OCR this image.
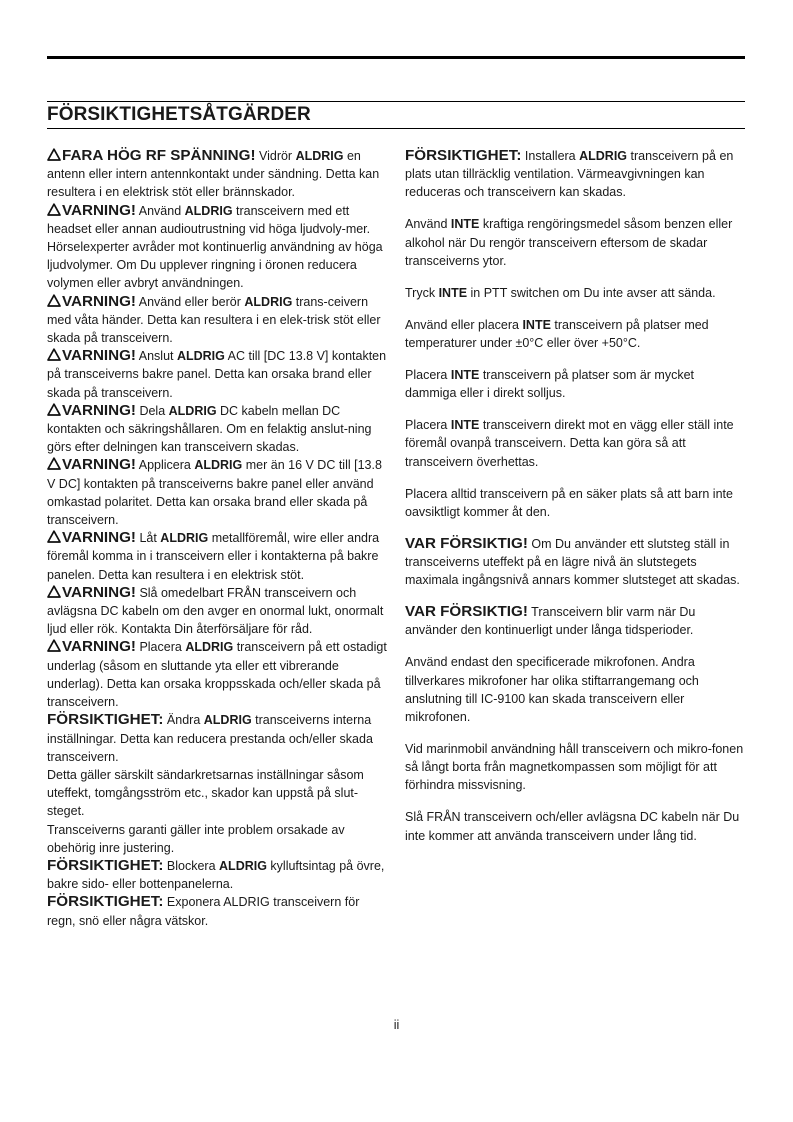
FÖRSIKTIGHETSÅTGÄRDER

FARA HÖG RF SPÄNNING! Vidrör ALDRIG en antenn eller intern antennkontakt under sändning. Detta kan resultera i en elektrisk stöt eller brännskador.

VARNING! Använd ALDRIG transceivern med ett headset eller annan audioutrustning vid höga ljudvoly-mer. Hörselexperter avråder mot kontinuerlig användning av höga ljudvolymer. Om Du upplever ringning i öronen reducera volymen eller avbryt användningen.

VARNING! Använd eller berör ALDRIG trans-ceivern med våta händer. Detta kan resultera i en elek-trisk stöt eller skada på transceivern.

VARNING! Anslut ALDRIG AC till [DC 13.8 V] kontakten på transceiverns bakre panel. Detta kan orsaka brand eller skada på transceivern.

VARNING! Dela ALDRIG DC kabeln mellan DC kontakten och säkringshållaren. Om en felaktig anslut-ning görs efter delningen kan transceivern skadas.

VARNING! Applicera ALDRIG mer än 16 V DC till [13.8 V DC] kontakten på transceiverns bakre panel eller använd omkastad polaritet. Detta kan orsaka brand eller skada på transceivern.

VARNING! Låt ALDRIG metallföremål, wire eller andra föremål komma in i transceivern eller i kontakterna på bakre panelen. Detta kan resultera i en elektrisk stöt.

VARNING! Slå omedelbart FRÅN transceivern och avlägsna DC kabeln om den avger en onormal lukt, onormalt ljud eller rök. Kontakta Din återförsäljare för råd.

VARNING! Placera ALDRIG transceivern på ett ostadigt underlag (såsom en sluttande yta eller ett vibrerande underlag). Detta kan orsaka kroppsskada och/eller skada på transceivern.

FÖRSIKTIGHET: Ändra ALDRIG transceiverns interna inställningar. Detta kan reducera prestanda och/eller skada transceivern.

Detta gäller särskilt sändarkretsarnas inställningar såsom uteffekt, tomgångsström etc., skador kan uppstå på slut-steget.

Transceiverns garanti gäller inte problem orsakade av obehörig inre justering.

FÖRSIKTIGHET: Blockera ALDRIG kylluftsintag på övre, bakre sido- eller bottenpanelerna.

FÖRSIKTIGHET: Exponera ALDRIG transceivern för regn, snö eller några vätskor.

FÖRSIKTIGHET: Installera ALDRIG transceivern på en plats utan tillräcklig ventilation. Värmeavgivningen kan reduceras och transceivern kan skadas.

Använd INTE kraftiga rengöringsmedel såsom benzen eller alkohol när Du rengör transceivern eftersom de skadar transceiverns ytor.

Tryck INTE in PTT switchen om Du inte avser att sända.

Använd eller placera INTE transceivern på platser med temperaturer under ±0°C eller över +50°C.

Placera INTE transceivern på platser som är mycket dammiga eller i direkt solljus.

Placera INTE transceivern direkt mot en vägg eller ställ inte föremål ovanpå transceivern. Detta kan göra så att transceivern överhettas.

Placera alltid transceivern på en säker plats så att barn inte oavsiktligt kommer åt den.

VAR FÖRSIKTIG! Om Du använder ett slutsteg ställ in transceiverns uteffekt på en lägre nivå än slutstegets maximala ingångsnivå annars kommer slutsteget att skadas.

VAR FÖRSIKTIG! Transceivern blir varm när Du använder den kontinuerligt under långa tidsperioder.

Använd endast den specificerade mikrofonen. Andra tillverkares mikrofoner har olika stiftarrangemang och anslutning till IC-9100 kan skada transceivern eller mikrofonen.

Vid marinmobil användning håll transceivern och mikro-fonen så långt borta från magnetkompassen som möjligt för att förhindra missvisning.

Slå FRÅN transceivern och/eller avlägsna DC kabeln när Du inte kommer att använda transceivern under lång tid.

ii
